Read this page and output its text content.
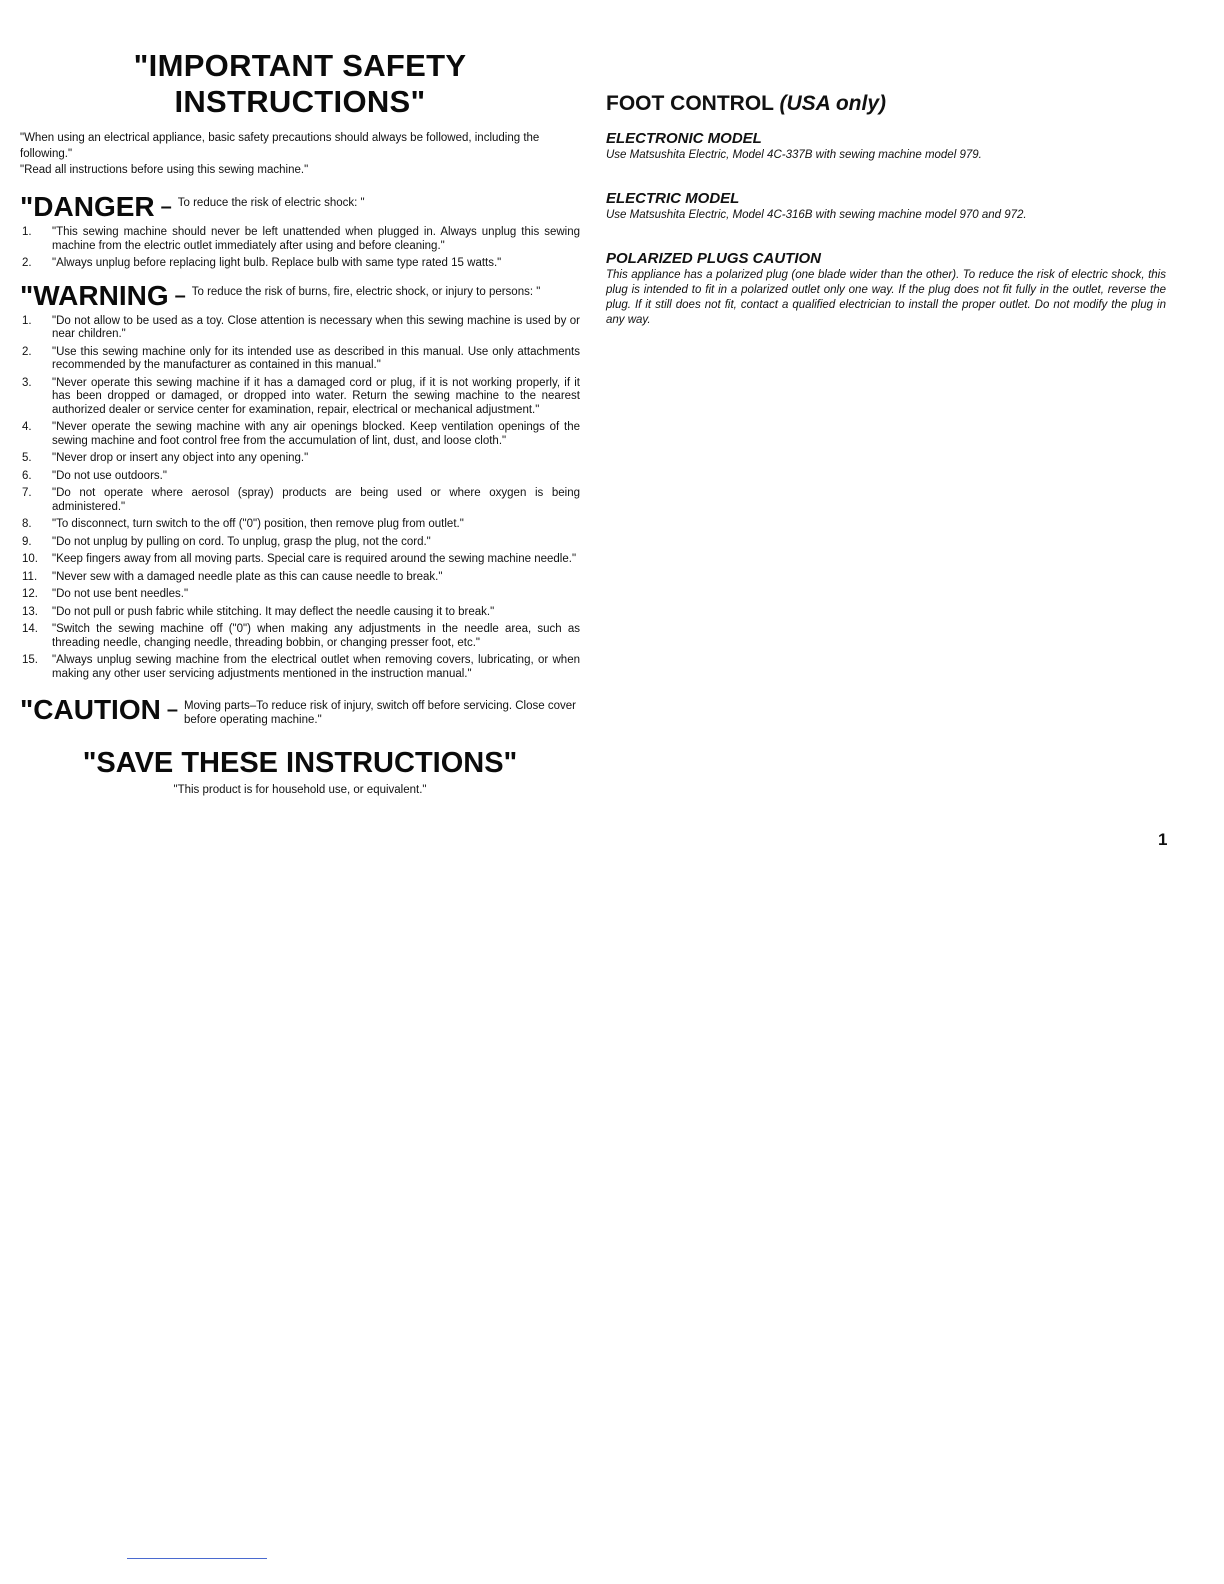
"IMPORTANT SAFETY INSTRUCTIONS"

"When using an electrical appliance, basic safety precautions should always be followed, including the following."

"Read all instructions before using this sewing machine."

"DANGER – To reduce the risk of electric shock: "
1.	"This sewing machine should never be left unattended when plugged in. Always unplug this sewing machine from the electric outlet immediately after using and before cleaning."
2.	"Always unplug before replacing light bulb. Replace bulb with same type rated 15 watts."
"WARNING – To reduce the risk of burns, fire, electric shock, or injury to persons: "
1.	"Do not allow to be used as a toy. Close attention is necessary when this sewing machine is used by or near children."
2.	"Use this sewing machine only for its intended use as described in this manual. Use only attachments recommended by the manufacturer as contained in this manual."
3.	"Never operate this sewing machine if it has a damaged cord or plug, if it is not working properly, if it has been dropped or damaged, or dropped into water. Return the sewing machine to the nearest authorized dealer or service center for examination, repair, electrical or mechanical adjustment."
4.	"Never operate the sewing machine with any air openings blocked. Keep ventilation openings of the sewing machine and foot control free from the accumulation of lint, dust, and loose cloth."
5.	"Never drop or insert any object into any opening."
6.	"Do not use outdoors."
7.	"Do not operate where aerosol (spray) products are being used or where oxygen is being administered."
8.	"To disconnect, turn switch to the off ("0") position, then remove plug from outlet."
9.	"Do not unplug by pulling on cord. To unplug, grasp the plug, not the cord."
10.	"Keep fingers away from all moving parts. Special care is required around the sewing machine needle."
11.	"Never sew with a damaged needle plate as this can cause needle to break."
12.	"Do not use bent needles."
13.	"Do not pull or push fabric while stitching. It may deflect the needle causing it to break."
14.	"Switch the sewing machine off ("0") when making any adjustments in the needle area, such as threading needle, changing needle, threading bobbin, or changing presser foot, etc."
15.	"Always unplug sewing machine from the electrical outlet when removing covers, lubricating, or when making any other user servicing adjustments mentioned in the instruction manual."
"CAUTION – Moving parts–To reduce risk of injury, switch off before servicing. Close cover before operating machine."
"SAVE THESE INSTRUCTIONS"
"This product is for household use, or equivalent."
FOOT CONTROL (USA only)

ELECTRONIC MODEL

Use Matsushita Electric, Model 4C-337B with sewing machine model 979.

ELECTRIC MODEL

Use Matsushita Electric, Model 4C-316B with sewing machine model 970 and 972.

POLARIZED PLUGS CAUTION

This appliance has a polarized plug (one blade wider than the other). To reduce the risk of electric shock, this plug is intended to fit in a polarized outlet only one way. If the plug does not fit fully in the outlet, reverse the plug. If it still does not fit, contact a qualified electrician to install the proper outlet. Do not modify the plug in any way.

1
